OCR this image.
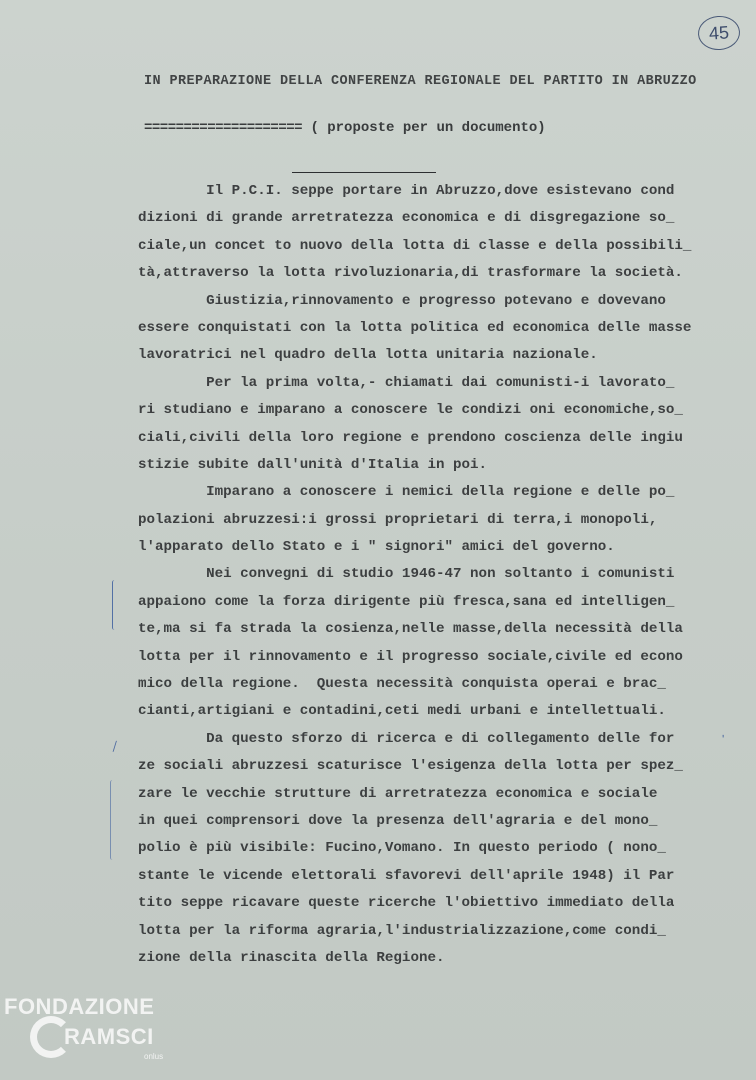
45
IN PREPARAZIONE DELLA CONFERENZA REGIONALE DEL PARTITO IN ABRUZZO
==================== ( proposte per un documento)
Il P.C.I. seppe portare in Abruzzo,dove esistevano cond
dizioni di grande arretratezza economica e di disgregazione so_
ciale,un concet to nuovo della lotta di classe e della possibili_
tà,attraverso la lotta rivoluzionaria,di trasformare la società.
Giustizia,rinnovamento e progresso potevano e dovevano
essere conquistati con la lotta politica ed economica delle masse
lavoratrici nel quadro della lotta unitaria nazionale.
Per la prima volta,- chiamati dai comunisti-i lavorato_
ri studiano e imparano a conoscere le condizi oni economiche,so_
ciali,civili della loro regione e prendono coscienza delle ingiu
stizie subite dall'unità d'Italia in poi.
Imparano a conoscere i nemici della regione e delle po_
polazioni abruzzesi:i grossi proprietari di terra,i monopoli,
l'apparato dello Stato e i " signori" amici del governo.
Nei convegni di studio 1946-47 non soltanto i comunisti
appaiono come la forza dirigente più fresca,sana ed intelligen_
te,ma si fa strada la cosienza,nelle masse,della necessità della
lotta per il rinnovamento e il progresso sociale,civile ed econo
mico della regione.  Questa necessità conquista operai e brac_
cianti,artigiani e contadini,ceti medi urbani e intellettuali.
Da questo sforzo di ricerca e di collegamento delle for
ze sociali abruzzesi scaturisce l'esigenza della lotta per spez_
zare le vecchie strutture di arretratezza economica e sociale
in quei comprensori dove la presenza dell'agraria e del mono_
polio è più visibile: Fucino,Vomano. In questo periodo ( nono_
stante le vicende elettorali sfavorevi dell'aprile 1948) il Par
tito seppe ricavare queste ricerche l'obiettivo immediato della
lotta per la riforma agraria,l'industrializzazione,come condi_
zione della rinascita della Regione.
⁄	ʹ
FONDAZIONE
RAMSCI
onlus
